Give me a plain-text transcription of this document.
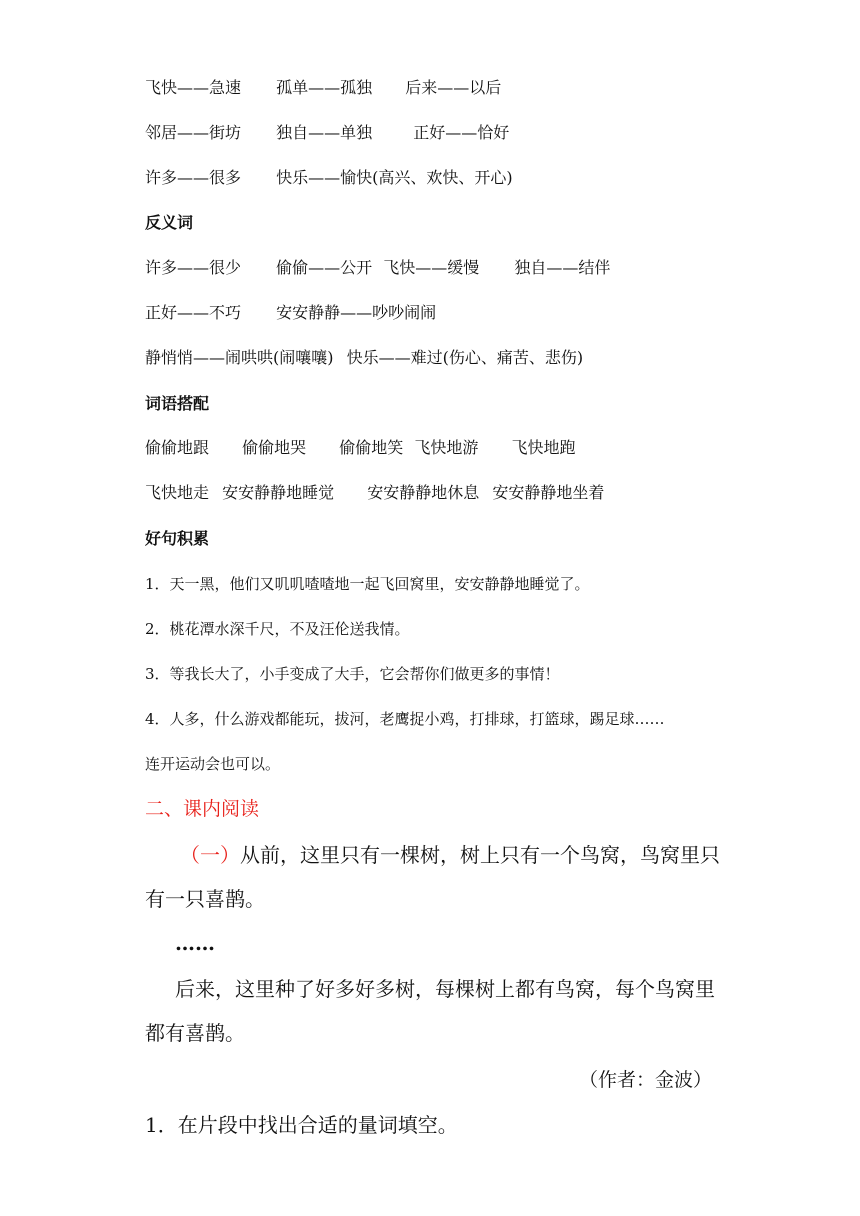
飞快——急速 孤单——孤独 后来——以后
邻居——街坊 独自——单独	正好——恰好
许多——很多 快乐——愉快(高兴、欢快、开心)
反义词
许多——很少 偷偷——公开 飞快——缓慢 独自——结伴
正好——不巧 安安静静——吵吵闹闹
静悄悄——闹哄哄(闹嚷嚷) 快乐——难过(伤心、痛苦、悲伤)
词语搭配
偷偷地跟 偷偷地哭 偷偷地笑 飞快地游 飞快地跑
飞快地走 安安静静地睡觉 安安静静地休息 安安静静地坐着
好句积累
1．天一黑，他们又叽叽喳喳地一起飞回窝里，安安静静地睡觉了。
2．桃花潭水深千尺，不及汪伦送我情。
3．等我长大了，小手变成了大手，它会帮你们做更多的事情！
4．人多，什么游戏都能玩，拔河，老鹰捉小鸡，打排球，打篮球，踢足球……
连开运动会也可以。
二、课内阅读
（一）从前，这里只有一棵树，树上只有一个鸟窝，鸟窝里只
有一只喜鹊。
……
后来，这里种了好多好多树，每棵树上都有鸟窝，每个鸟窝里
都有喜鹊。
（作者：金波）
1．在片段中找出合适的量词填空。
